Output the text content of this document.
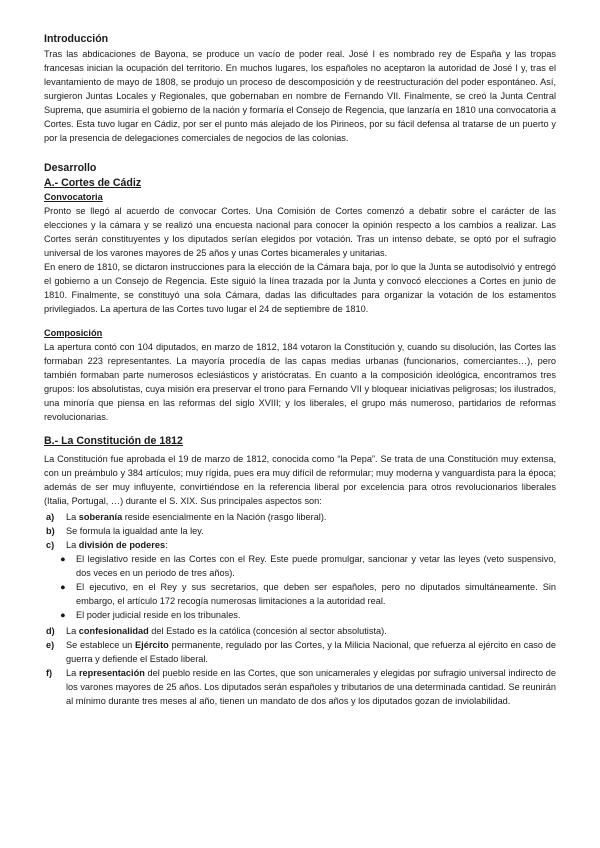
Introducción

Tras las abdicaciones de Bayona, se produce un vacío de poder real. José I es nombrado rey de España y las tropas francesas inician la ocupación del territorio. En muchos lugares, los españoles no aceptaron la autoridad de José I y, tras el levantamiento de mayo de 1808, se produjo un proceso de descomposición y de reestructuración del poder espontáneo. Así, surgieron Juntas Locales y Regionales, que gobernaban en nombre de Fernando VII. Finalmente, se creó la Junta Central Suprema, que asumiría el gobierno de la nación y formaría el Consejo de Regencia, que lanzaría en 1810 una convocatoria a Cortes. Esta tuvo lugar en Cádiz, por ser el punto más alejado de los Pirineos, por su fácil defensa al tratarse de un puerto y por la presencia de delegaciones comerciales de negocios de las colonias.

Desarrollo
A.- Cortes de Cádiz
Convocatoria

Pronto se llegó al acuerdo de convocar Cortes. Una Comisión de Cortes comenzó a debatir sobre el carácter de las elecciones y la cámara y se realizó una encuesta nacional para conocer la opinión respecto a los cambios a realizar. Las Cortes serán constituyentes y los diputados serían elegidos por votación. Tras un intenso debate, se optó por el sufragio universal de los varones mayores de 25 años y unas Cortes bicamerales y unitarias.

En enero de 1810, se dictaron instrucciones para la elección de la Cámara baja, por lo que la Junta se autodisolvió y entregó el gobierno a un Consejo de Regencia. Este siguió la línea trazada por la Junta y convocó elecciones a Cortes en junio de 1810. Finalmente, se constituyó una sola Cámara, dadas las dificultades para organizar la votación de los estamentos privilegiados. La apertura de las Cortes tuvo lugar el 24 de septiembre de 1810.

Composición

La apertura contó con 104 diputados, en marzo de 1812, 184 votaron la Constitución y, cuando su disolución, las Cortes las formaban 223 representantes. La mayoría procedía de las capas medias urbanas (funcionarios, comerciantes…), pero también formaban parte numerosos eclesiásticos y aristócratas. En cuanto a la composición ideológica, encontramos tres grupos: los absolutistas, cuya misión era preservar el trono para Fernando VII y bloquear iniciativas peligrosas; los ilustrados, una minoría que piensa en las reformas del siglo XVIII; y los liberales, el grupo más numeroso, partidarios de reformas revolucionarias.

B.- La Constitución de 1812

La Constitución fue aprobada el 19 de marzo de 1812, conocida como “la Pepa”. Se trata de una Constitución muy extensa, con un preámbulo y 384 artículos; muy rígida, pues era muy difícil de reformular; muy moderna y vanguardista para la época; además de ser muy influyente, convirtiéndose en la referencia liberal por excelencia para otros revolucionarios liberales (Italia, Portugal, …) durante el S. XIX. Sus principales aspectos son:

a) La soberanía reside esencialmente en la Nación (rasgo liberal).
b) Se formula la igualdad ante la ley.
c) La división de poderes:
● El legislativo reside en las Cortes con el Rey. Este puede promulgar, sancionar y vetar las leyes (veto suspensivo, dos veces en un periodo de tres años).
● El ejecutivo, en el Rey y sus secretarios, que deben ser españoles, pero no diputados simultáneamente. Sin embargo, el artículo 172 recogía numerosas limitaciones a la autoridad real.
● El poder judicial reside en los tribunales.
d) La confesionalidad del Estado es la católica (concesión al sector absolutista).
e) Se establece un Ejército permanente, regulado por las Cortes, y la Milicia Nacional, que refuerza al ejército en caso de guerra y defiende el Estado liberal.
f) La representación del pueblo reside en las Cortes, que son unicamerales y elegidas por sufragio universal indirecto de los varones mayores de 25 años. Los diputados serán españoles y tributarios de una determinada cantidad. Se reunirán al mínimo durante tres meses al año, tienen un mandato de dos años y los diputados gozan de inviolabilidad.
